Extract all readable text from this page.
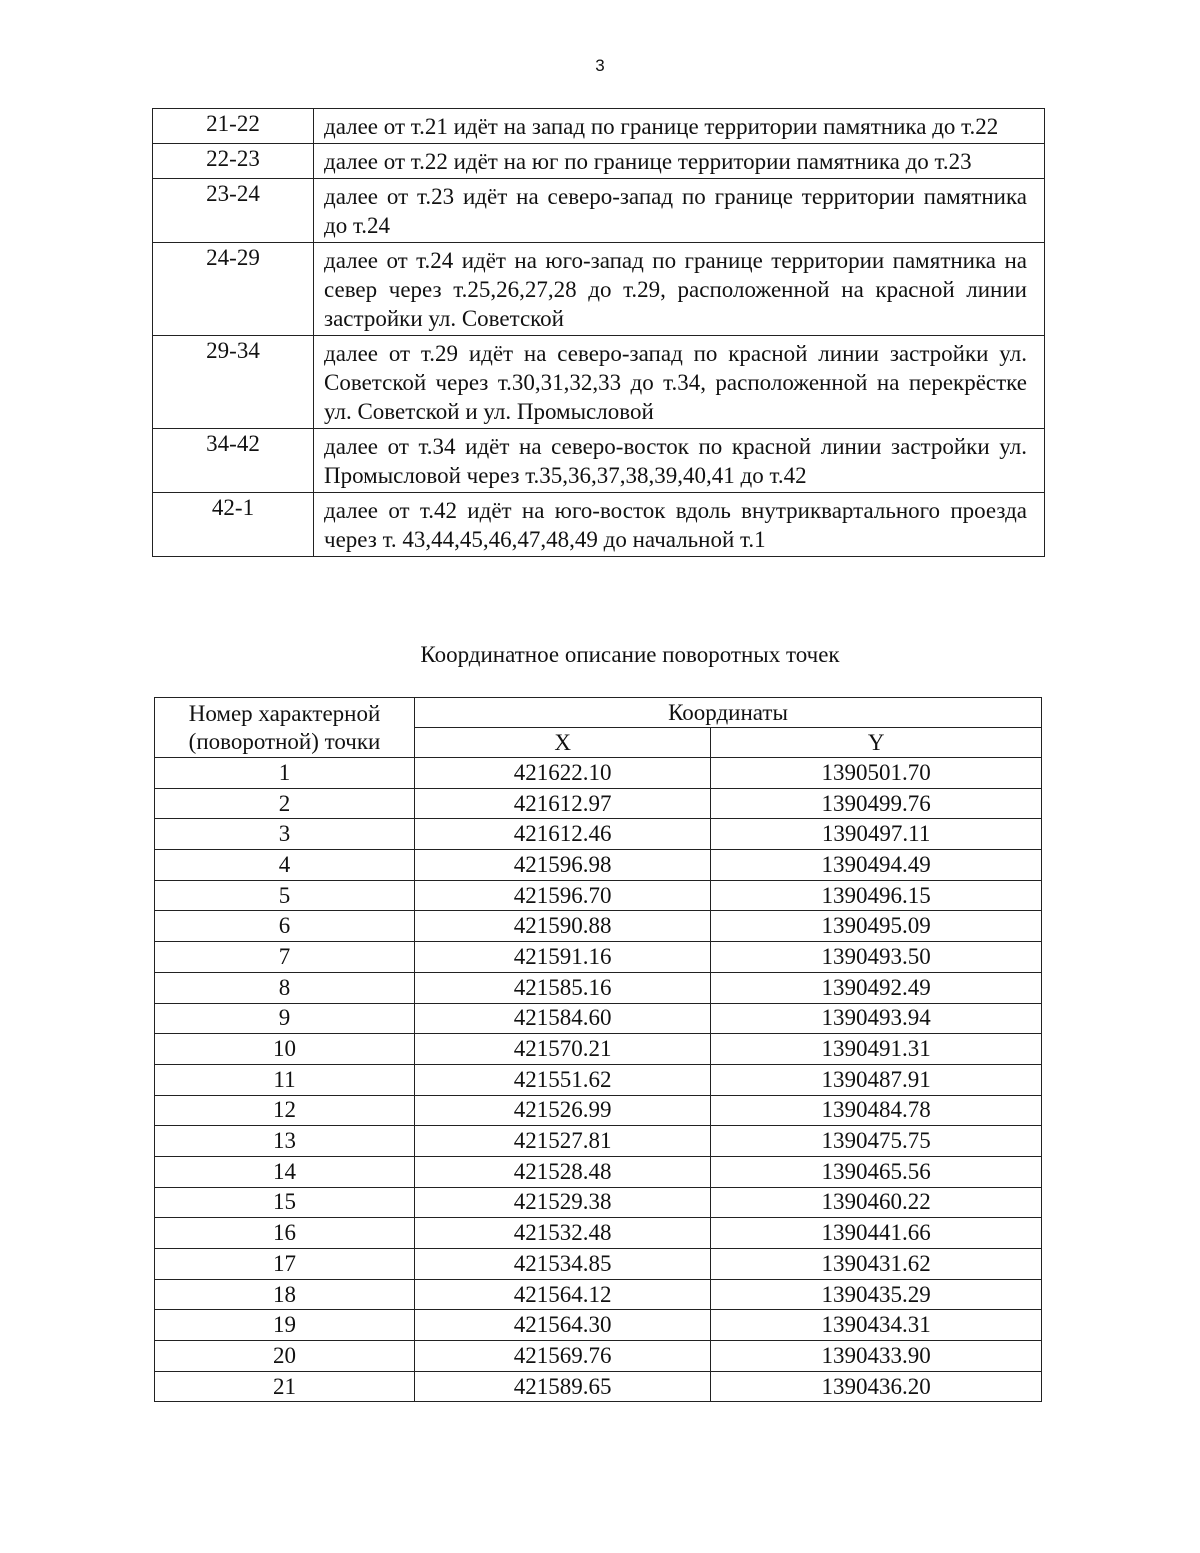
3
21-22	далее от т.21 идёт на запад по границе территории памятника до т.22
22-23	далее от т.22 идёт на юг по границе территории памятника до т.23
23-24	далее от т.23 идёт на северо-запад по границе территории памятника до т.24
24-29	далее от т.24 идёт на юго-запад по границе территории памятника на север через т.25,26,27,28 до т.29, расположенной на красной линии застройки ул. Советской
29-34	далее от т.29 идёт на северо-запад по красной линии застройки ул. Советской через т.30,31,32,33 до т.34, расположенной на перекрёстке ул. Советской и ул. Промысловой
34-42	далее от т.34 идёт на северо-восток по красной линии застройки ул. Промысловой через т.35,36,37,38,39,40,41 до т.42
42-1	далее от т.42 идёт на юго-восток вдоль внутриквартального проезда через т. 43,44,45,46,47,48,49 до начальной т.1
Координатное описание поворотных точек
Номер характерной (поворотной) точки	Координаты	
	X	Y
1	421622.10	1390501.70
2	421612.97	1390499.76
3	421612.46	1390497.11
4	421596.98	1390494.49
5	421596.70	1390496.15
6	421590.88	1390495.09
7	421591.16	1390493.50
8	421585.16	1390492.49
9	421584.60	1390493.94
10	421570.21	1390491.31
11	421551.62	1390487.91
12	421526.99	1390484.78
13	421527.81	1390475.75
14	421528.48	1390465.56
15	421529.38	1390460.22
16	421532.48	1390441.66
17	421534.85	1390431.62
18	421564.12	1390435.29
19	421564.30	1390434.31
20	421569.76	1390433.90
21	421589.65	1390436.20
